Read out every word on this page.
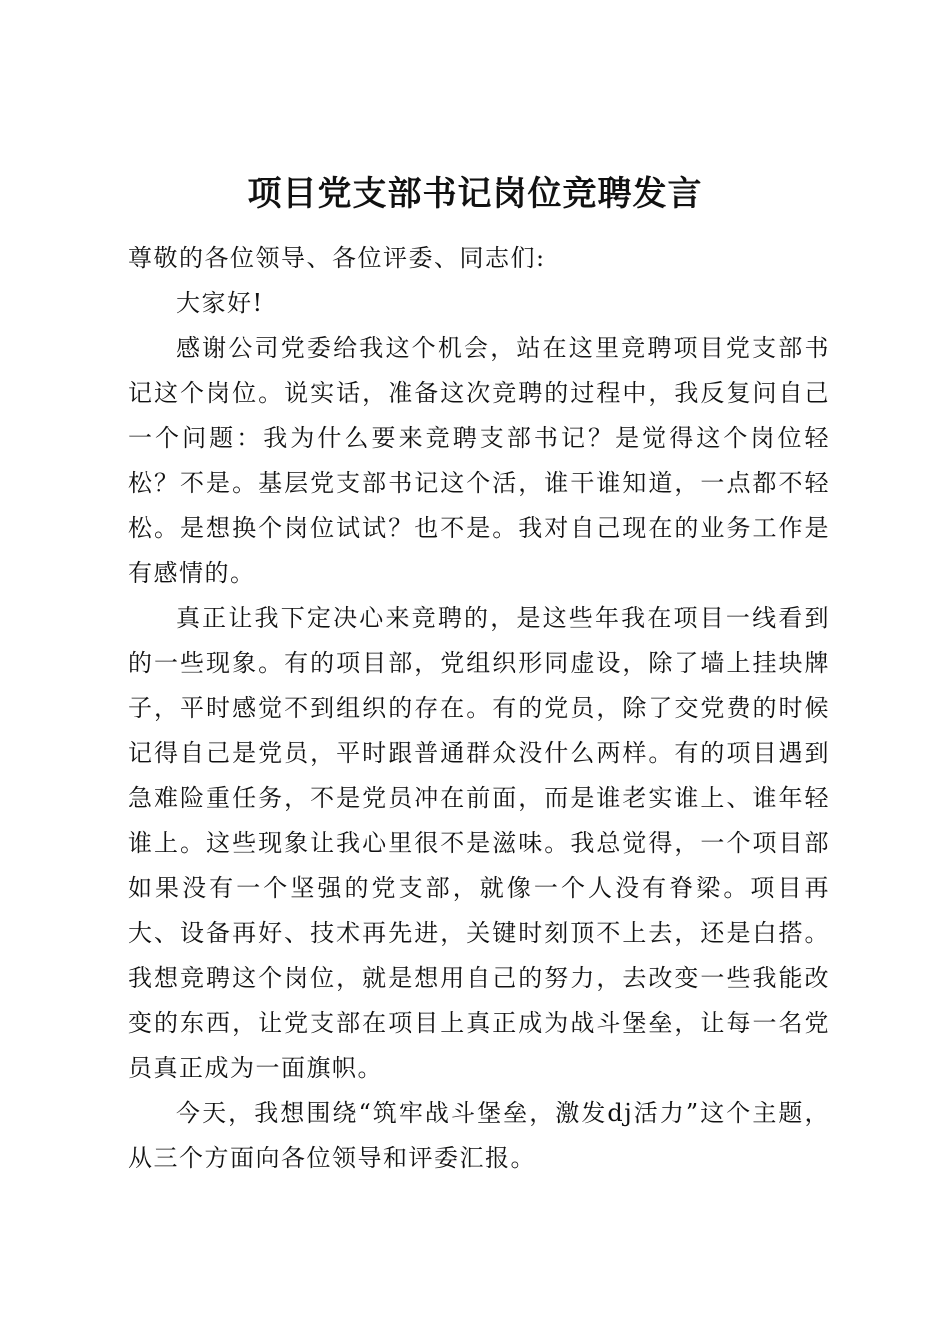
项目党支部书记岗位竞聘发言

尊敬的各位领导、各位评委、同志们:

大家好!

感谢公司党委给我这个机会，站在这里竞聘项目党支部书记这个岗位。说实话，准备这次竞聘的过程中，我反复问自己一个问题：我为什么要来竞聘支部书记？是觉得这个岗位轻松？不是。基层党支部书记这个活，谁干谁知道，一点都不轻松。是想换个岗位试试？也不是。我对自己现在的业务工作是有感情的。

真正让我下定决心来竞聘的，是这些年我在项目一线看到的一些现象。有的项目部，党组织形同虚设，除了墙上挂块牌子，平时感觉不到组织的存在。有的党员，除了交党费的时候记得自己是党员，平时跟普通群众没什么两样。有的项目遇到急难险重任务，不是党员冲在前面，而是谁老实谁上、谁年轻谁上。这些现象让我心里很不是滋味。我总觉得，一个项目部如果没有一个坚强的党支部，就像一个人没有脊梁。项目再大、设备再好、技术再先进，关键时刻顶不上去，还是白搭。我想竞聘这个岗位，就是想用自己的努力，去改变一些我能改变的东西，让党支部在项目上真正成为战斗堡垒，让每一名党员真正成为一面旗帜。

今天，我想围绕“筑牢战斗堡垒，激发dj活力”这个主题，从三个方面向各位领导和评委汇报。
